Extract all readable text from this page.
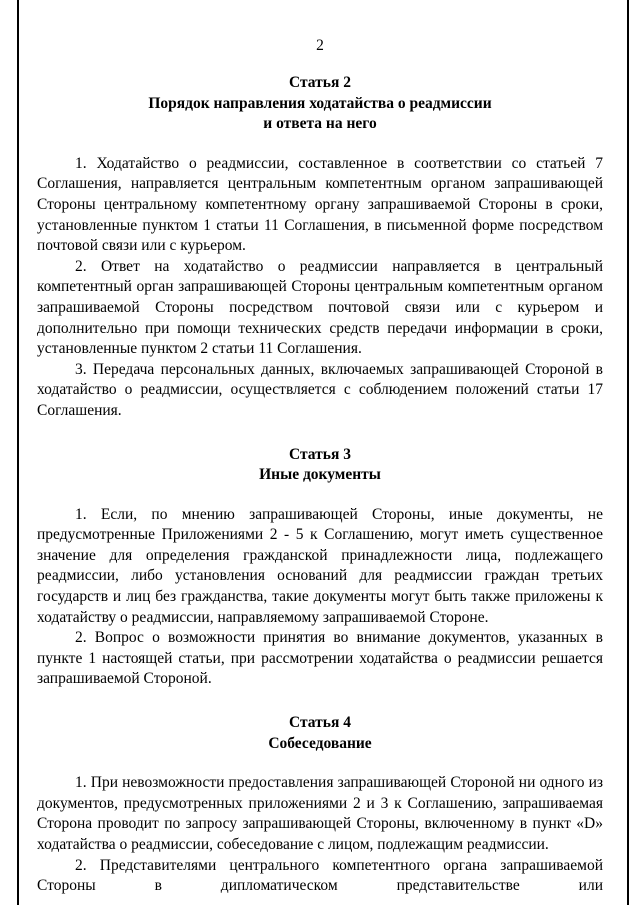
2
Статья 2
Порядок направления ходатайства о реадмиссии
и ответа на него

1. Ходатайство о реадмиссии, составленное в соответствии со статьей 7 Соглашения, направляется центральным компетентным органом запрашивающей Стороны центральному компетентному органу запрашиваемой Стороны в сроки, установленные пунктом 1 статьи 11 Соглашения, в письменной форме посредством почтовой связи или с курьером.

2. Ответ на ходатайство о реадмиссии направляется в центральный компетентный орган запрашивающей Стороны центральным компетентным органом запрашиваемой Стороны посредством почтовой связи или с курьером и дополнительно при помощи технических средств передачи информации в сроки, установленные пунктом 2 статьи 11 Соглашения.

3. Передача персональных данных, включаемых запрашивающей Стороной в ходатайство о реадмиссии, осуществляется с соблюдением положений статьи 17 Соглашения.

Статья 3
Иные документы

1. Если, по мнению запрашивающей Стороны, иные документы, не предусмотренные Приложениями 2 - 5 к Соглашению, могут иметь существенное значение для определения гражданской принадлежности лица, подлежащего реадмиссии, либо установления оснований для реадмиссии граждан третьих государств и лиц без гражданства, такие документы могут быть также приложены к ходатайству о реадмиссии, направляемому запрашиваемой Стороне.

2. Вопрос о возможности принятия во внимание документов, указанных в пункте 1 настоящей статьи, при рассмотрении ходатайства о реадмиссии решается запрашиваемой Стороной.

Статья 4
Собеседование

1. При невозможности предоставления запрашивающей Стороной ни одного из документов, предусмотренных приложениями 2 и 3 к Соглашению, запрашиваемая Сторона проводит по запросу запрашивающей Стороны, включенному в пункт «D» ходатайства о реадмиссии, собеседование с лицом, подлежащим реадмиссии.

2. Представителями центрального компетентного органа запрашиваемой Стороны в дипломатическом представительстве или
